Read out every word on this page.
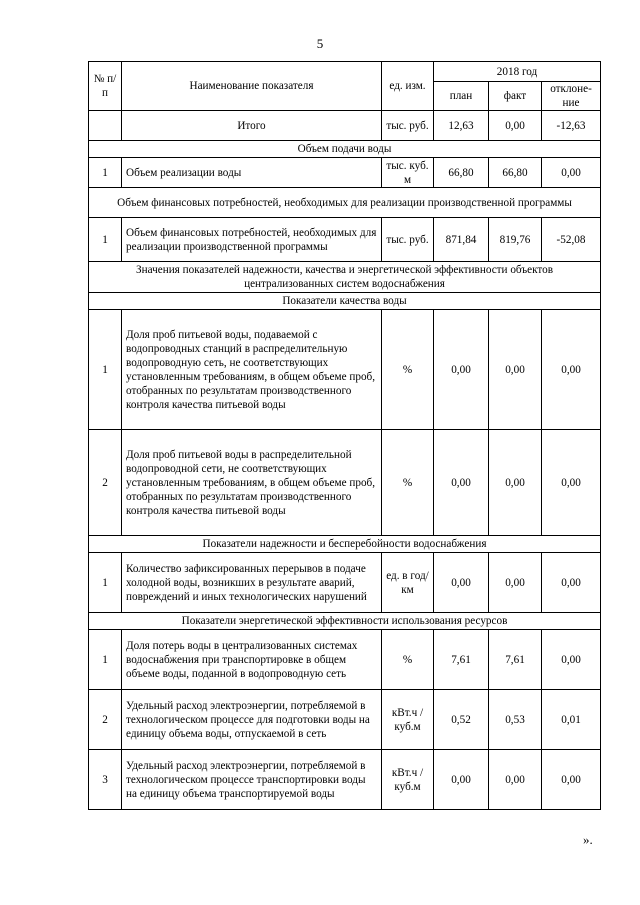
5
№ п/п	Наименование показателя	ед. изм.	2018 год		
			план	факт	отклоне-ние
	Итого	тыс. руб.	12,63	0,00	-12,63
Объем подачи воды					
1	Объем реализации воды	тыс. куб. м	66,80	66,80	0,00
Объем финансовых потребностей, необходимых для реализации производственной программы					
1	Объем финансовых потребностей, необходимых для реализации производственной программы	тыс. руб.	871,84	819,76	-52,08
Значения показателей надежности, качества и энергетической эффективности объектов централизованных систем водоснабжения					
Показатели качества воды					
1	Доля проб питьевой воды, подаваемой с водопроводных станций в распределительную водопроводную сеть, не соответствующих установленным требованиям, в общем объеме проб, отобранных по результатам производственного контроля качества питьевой воды	%	0,00	0,00	0,00
2	Доля проб питьевой воды в распределительной водопроводной сети, не соответствующих установленным требованиям, в общем объеме проб, отобранных по результатам производственного контроля качества питьевой воды	%	0,00	0,00	0,00
Показатели надежности и бесперебойности водоснабжения					
1	Количество зафиксированных перерывов в подаче холодной воды, возникших в результате аварий, повреждений и иных технологических нарушений	ед. в год/ км	0,00	0,00	0,00
Показатели энергетической эффективности использования ресурсов					
1	Доля потерь воды в централизованных системах водоснабжения при транспортировке в общем объеме воды, поданной в водопроводную сеть	%	7,61	7,61	0,00
2	Удельный расход электроэнергии, потребляемой в технологическом процессе для подготовки воды на единицу объема воды, отпускаемой в сеть	кВт.ч / куб.м	0,52	0,53	0,01
3	Удельный расход электроэнергии, потребляемой в технологическом процессе транспортировки воды на единицу объема транспортируемой воды	кВт.ч / куб.м	0,00	0,00	0,00
».
